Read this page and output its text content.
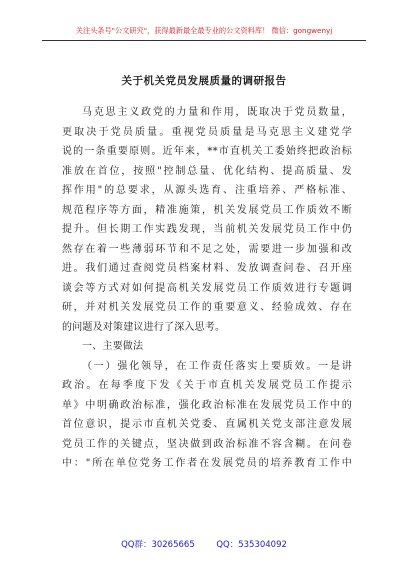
关注头条号"公文研究"，获得最新最全最专业的公文资料库！ 微信：gongwenyj
关于机关党员发展质量的调研报告
马克思主义政党的力量和作用，既取决于党员数量，
更取决于党员质量。重视党员质量是马克思主义建党学
说的一条重要原则。近年来，**市直机关工委始终把政治标
准放在首位，按照"控制总量、优化结构、提高质量、发
挥作用"的总要求，从源头选育、注重培养、严格标准、
规范程序等方面，精准施策，机关发展党员工作质效不断
提升。但长期工作实践发现，当前机关发展党员工作中仍
然存在着一些薄弱环节和不足之处，需要进一步加强和改
进。我们通过查阅党员档案材料、发放调查问卷、召开座
谈会等方式对如何提高机关发展党员工作质效进行专题调
研，并对机关发展党员工作的重要意义、经验成效、存在
的问题及对策建议进行了深入思考。
一、主要做法
（一）强化领导，在工作责任落实上要质效。一是讲
政治。在每季度下发《关于市直机关发展党员工作提示
单》中明确政治标准，强化政治标准在发展党员工作中的
首位意识，提示市直机关党委、直属机关党支部注意发展
党员工作的关键点，坚决做到政治标准不容含糊。在问卷
中："所在单位党务工作者在发展党员的培养教育工作中
QQ群：30265665        QQ：535304092
